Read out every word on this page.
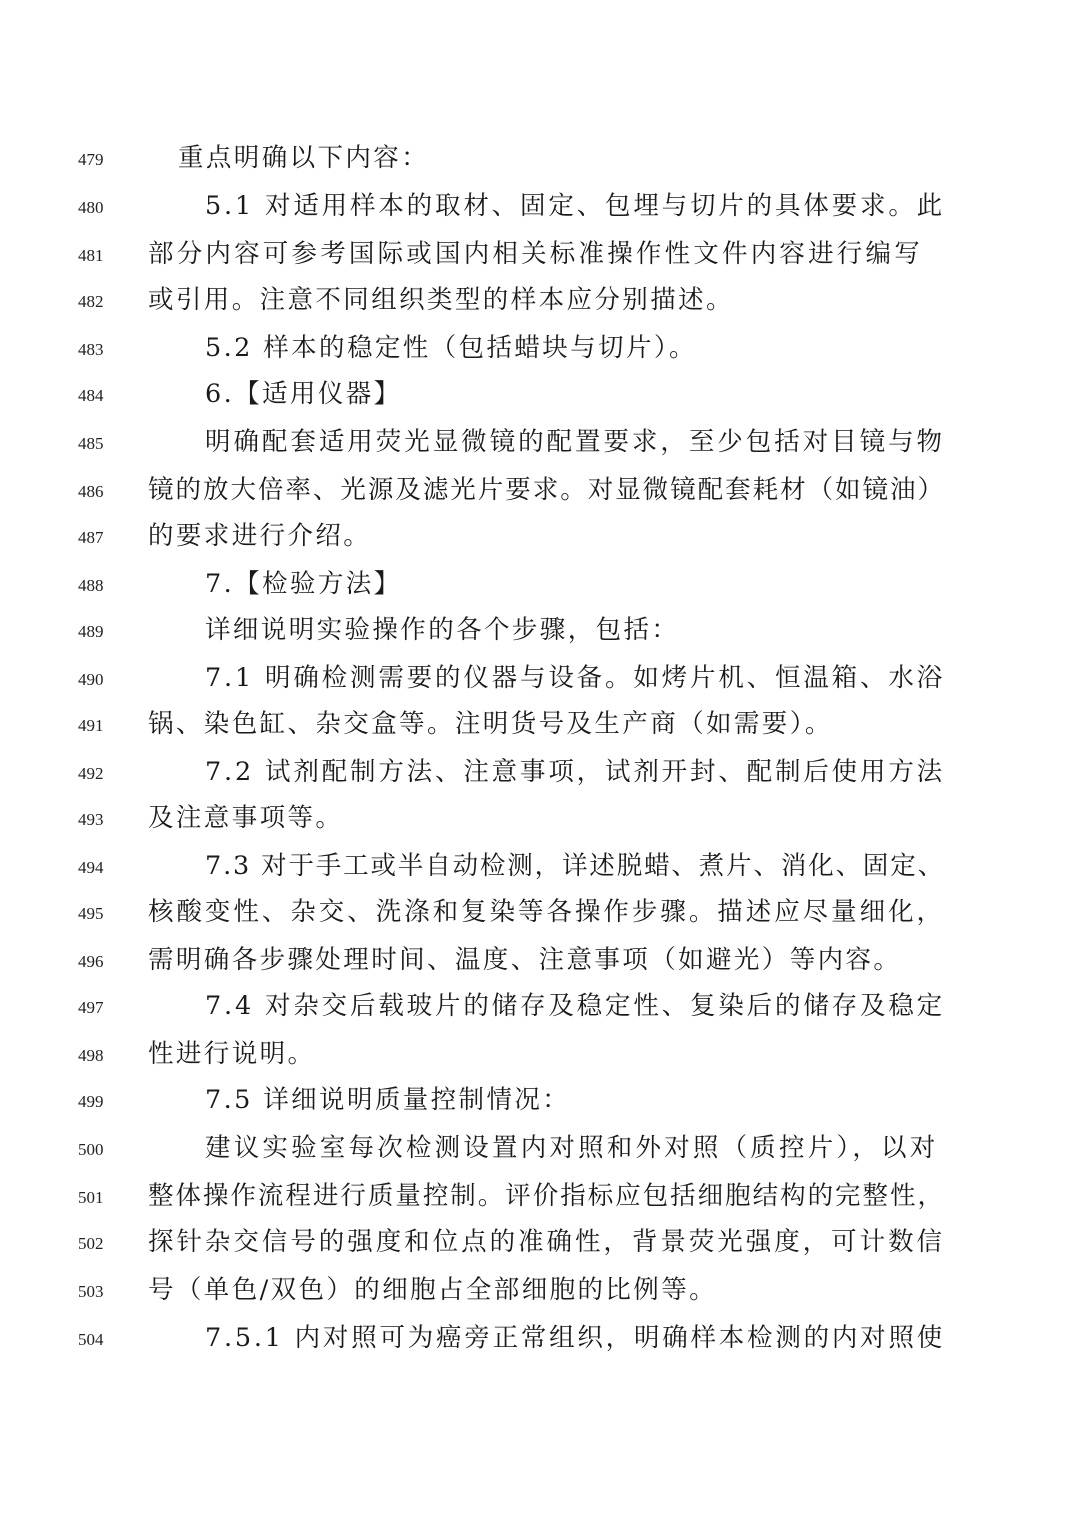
479	重点明确以下内容：
480	5.1 对适用样本的取材、固定、包埋与切片的具体要求。此
481	部分内容可参考国际或国内相关标准操作性文件内容进行编写
482	或引用。注意不同组织类型的样本应分别描述。
483	5.2 样本的稳定性（包括蜡块与切片）。
484	6.【适用仪器】
485	明确配套适用荧光显微镜的配置要求，至少包括对目镜与物
486	镜的放大倍率、光源及滤光片要求。对显微镜配套耗材（如镜油）
487	的要求进行介绍。
488	7.【检验方法】
489	详细说明实验操作的各个步骤，包括：
490	7.1 明确检测需要的仪器与设备。如烤片机、恒温箱、水浴
491	锅、染色缸、杂交盒等。注明货号及生产商（如需要）。
492	7.2 试剂配制方法、注意事项，试剂开封、配制后使用方法
493	及注意事项等。
494	7.3 对于手工或半自动检测，详述脱蜡、煮片、消化、固定、
495	核酸变性、杂交、洗涤和复染等各操作步骤。描述应尽量细化，
496	需明确各步骤处理时间、温度、注意事项（如避光）等内容。
497	7.4 对杂交后载玻片的储存及稳定性、复染后的储存及稳定
498	性进行说明。
499	7.5 详细说明质量控制情况：
500	建议实验室每次检测设置内对照和外对照（质控片），以对
501	整体操作流程进行质量控制。评价指标应包括细胞结构的完整性，
502	探针杂交信号的强度和位点的准确性，背景荧光强度，可计数信
503	号（单色/双色）的细胞占全部细胞的比例等。
504	7.5.1 内对照可为癌旁正常组织，明确样本检测的内对照使
